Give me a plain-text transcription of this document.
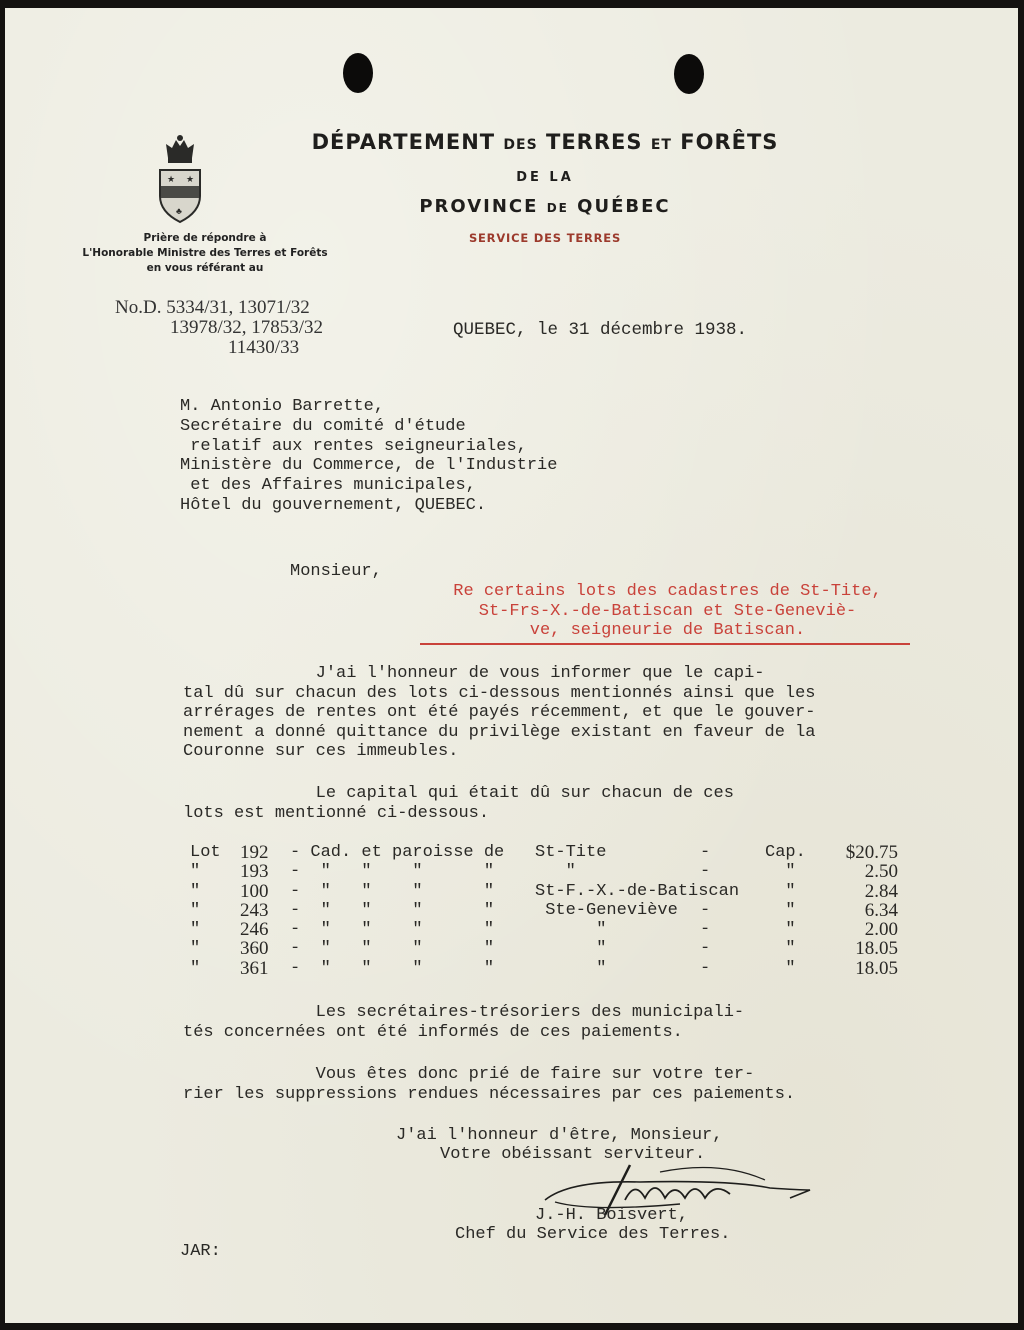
★ ★
♣
DÉPARTEMENT DES TERRES ET FORÊTS
DE LA
PROVINCE DE QUÉBEC
SERVICE DES TERRES
Prière de répondre à
L'Honorable Ministre des Terres et Forêts
en vous référant au
No.D. 5334/31, 13071/32
13978/32, 17853/32
11430/33
QUEBEC, le 31 décembre 1938.
M. Antonio Barrette,
Secrétaire du comité d'étude
relatif aux rentes seigneuriales,
Ministère du Commerce, de l'Industrie
et des Affaires municipales,
Hôtel du gouvernement, QUEBEC.
Monsieur,
Re certains lots des cadastres de St-Tite,
St-Frs-X.-de-Batiscan et Ste-Geneviè-
ve, seigneurie de Batiscan.
J'ai l'honneur de vous informer que le capi-
tal dû sur chacun des lots ci-dessous mentionnés ainsi que les
arrérages de rentes ont été payés récemment, et que le gouver-
nement a donné quittance du privilège existant en faveur de la
Couronne sur ces immeubles.
Le capital qui était dû sur chacun de ces
lots est mentionné ci-dessous.
Lot 192 - Cad. et paroisse de St-Tite	-	Cap.	$20.75
" 193 -  "   "    "      " "	-	"	2.50
" 100 -  "   "    "      " St-F.-X.-de-Batiscan "	2.84
" 243 -  "   "    "      " Ste-Geneviève -	"	6.34
" 246 -  "   "    "      " "	-	"	2.00
" 360 -  "   "    "      " "	-	"	18.05
" 361 -  "   "    "      " "	-	"	18.05
Les secrétaires-trésoriers des municipali-
tés concernées ont été informés de ces paiements.
Vous êtes donc prié de faire sur votre ter-
rier les suppressions rendues nécessaires par ces paiements.
J'ai l'honneur d'être, Monsieur,
Votre obéissant serviteur.
J.-H. Boisvert,
Chef du Service des Terres.
JAR:
